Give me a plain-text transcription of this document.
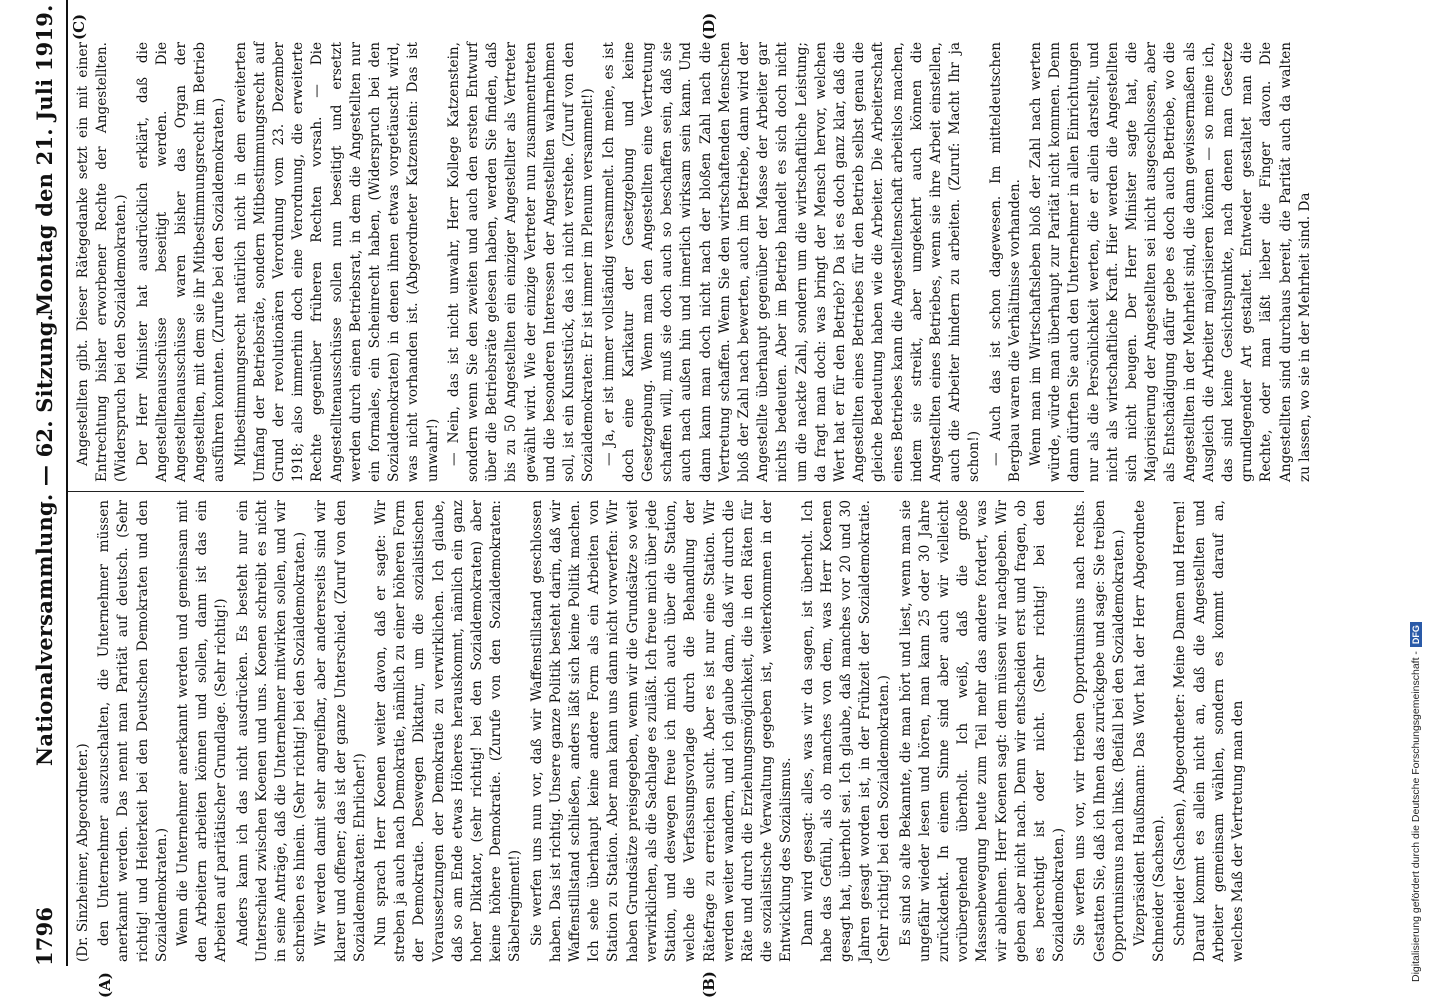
1796
Nationalversammlung. — 62. Sitzung.
Montag den 21. Juli 1919.
(A)	(B)
(C)	(D)

(Dr. Sinzheimer, Abgeordneter.) den Unternehmer auszuschalten, die Unternehmer müssen anerkannt werden. Das nennt man Parität auf deutsch. (Sehr richtig! und Heiterkeit bei den Deutschen Demokraten und den Sozialdemokraten.) Wenn die Unternehmer anerkannt werden und gemeinsam mit den Arbeitern arbeiten können und sollen, dann ist das ein Arbeiten auf paritätischer Grundlage. (Sehr richtig!) Anders kann ich das nicht ausdrücken. Es besteht nur ein Unterschied zwischen Koenen und uns. Koenen schreibt es nicht in seine Anträge, daß die Unternehmer mitwirken sollen, und wir schreiben es hinein. (Sehr richtig! bei den Sozialdemokraten.) Wir werden damit sehr angreifbar, aber andererseits sind wir klarer und offener; das ist der ganze Unterschied. (Zuruf von den Sozialdemokraten: Ehrlicher!) Nun sprach Herr Koenen weiter davon, daß er sagte: Wir streben ja auch nach Demokratie, nämlich zu einer höheren Form der Demokratie. Deswegen Diktatur, um die sozialistischen Voraussetzungen der Demokratie zu verwirklichen. Ich glaube, daß so am Ende etwas Höheres herauskommt, nämlich ein ganz hoher Diktator, (sehr richtig! bei den Sozialdemokraten) aber keine höhere Demokratie. (Zurufe von den Sozialdemokraten: Säbelregiment!) Sie werfen uns nun vor, daß wir Waffenstillstand geschlossen haben. Das ist richtig. Unsere ganze Politik besteht darin, daß wir Waffenstillstand schließen, anders läßt sich keine Politik machen. Ich sehe überhaupt keine andere Form als ein Arbeiten von Station zu Station. Aber man kann uns dann nicht vorwerfen: Wir haben Grundsätze preisgegeben, wenn wir die Grundsätze so weit verwirklichen, als die Sachlage es zuläßt. Ich freue mich über jede Station, und deswegen freue ich mich auch über die Station, welche die Verfassungsvorlage durch die Behandlung der Rätefrage zu erreichen sucht. Aber es ist nur eine Station. Wir werden weiter wandern, und ich glaube dann, daß wir durch die Räte und durch die Erziehungsmöglichkeit, die in den Räten für die sozialistische Verwaltung gegeben ist, weiterkommen in der Entwicklung des Sozialismus. Dann wird gesagt: alles, was wir da sagen, ist überholt. Ich habe das Gefühl, als ob manches von dem, was Herr Koenen gesagt hat, überholt sei. Ich glaube, daß manches vor 20 und 30 Jahren gesagt worden ist, in der Frühzeit der Sozialdemokratie. (Sehr richtig! bei den Sozialdemokraten.) Es sind so alte Bekannte, die man hört und liest, wenn man sie ungefähr wieder lesen und hören, man kann 25 oder 30 Jahre zurückdenkt. In einem Sinne sind aber auch wir vielleicht vorübergehend überholt. Ich weiß, daß die große Massenbewegung heute zum Teil mehr das andere fordert, was wir ablehnen. Herr Koenen sagt: dem müssen wir nachgeben. Wir geben aber nicht nach. Denn wir entscheiden erst und fragen, ob es berechtigt ist oder nicht. (Sehr richtig! bei den Sozialdemokraten.) Sie werfen uns vor, wir trieben Opportunismus nach rechts. Gestatten Sie, daß ich Ihnen das zurückgebe und sage: Sie treiben Opportunismus nach links. (Beifall bei den Sozialdemokraten.) Vizepräsident Haußmann: Das Wort hat der Herr Abgeordnete Schneider (Sachsen). Schneider (Sachsen), Abgeordneter: Meine Damen und Herren! Darauf kommt es allein nicht an, daß die Angestellten und Arbeiter gemeinsam wählen, sondern es kommt darauf an, welches Maß der Vertretung man den

Angestellten gibt. Dieser Rätegedanke setzt ein mit einer Entrechtung bisher erworbener Rechte der Angestellten. (Widerspruch bei den Sozialdemokraten.) Der Herr Minister hat ausdrücklich erklärt, daß die Angestelltenausschüsse beseitigt werden. Die Angestelltenausschüsse waren bisher das Organ der Angestellten, mit dem sie ihr Mitbestimmungsrecht im Betrieb ausführen konnten. (Zurufe bei den Sozialdemokraten.) Mitbestimmungsrecht natürlich nicht in dem erweiterten Umfang der Betriebsräte, sondern Mitbestimmungsrecht auf Grund der revolutionären Verordnung vom 23. Dezember 1918; also immerhin doch eine Verordnung, die erweiterte Rechte gegenüber früheren Rechten vorsah. — Die Angestelltenausschüsse sollen nun beseitigt und ersetzt werden durch einen Betriebsrat, in dem die Angestellten nur ein formales, ein Scheinrecht haben, (Widerspruch bei den Sozialdemokraten) in denen ihnen etwas vorgetäuscht wird, was nicht vorhanden ist. (Abgeordneter Katzenstein: Das ist unwahr!) — Nein, das ist nicht unwahr, Herr Kollege Katzenstein, sondern wenn Sie den zweiten und auch den ersten Entwurf über die Betriebsräte gelesen haben, werden Sie finden, daß bis zu 50 Angestellten ein einziger Angestellter als Vertreter gewählt wird. Wie der einzige Vertreter nun zusammentreten und die besonderen Interessen der Angestellten wahrnehmen soll, ist ein Kunststück, das ich nicht verstehe. (Zuruf von den Sozialdemokraten: Er ist immer im Plenum versammelt!) — Ja, er ist immer vollständig versammelt. Ich meine, es ist doch eine Karikatur der Gesetzgebung und keine Gesetzgebung. Wenn man den Angestellten eine Vertretung schaffen will, muß sie doch auch so beschaffen sein, daß sie auch nach außen hin und innerlich wirksam sein kann. Und dann kann man doch nicht nach der bloßen Zahl nach die Vertretung schaffen. Wenn Sie den wirtschaftenden Menschen bloß der Zahl nach bewerten, auch im Betriebe, dann wird der Angestellte überhaupt gegenüber der Masse der Arbeiter gar nichts bedeuten. Aber im Betrieb handelt es sich doch nicht um die nackte Zahl, sondern um die wirtschaftliche Leistung; da fragt man doch: was bringt der Mensch hervor, welchen Wert hat er für den Betrieb? Da ist es doch ganz klar, daß die Angestellten eines Betriebes für den Betrieb selbst genau die gleiche Bedeutung haben wie die Arbeiter. Die Arbeiterschaft eines Betriebes kann die Angestelltenschaft arbeitslos machen, indem sie streikt, aber umgekehrt auch können die Angestellten eines Betriebes, wenn sie ihre Arbeit einstellen, auch die Arbeiter hindern zu arbeiten. (Zuruf: Macht Ihr ja schon!) — Auch das ist schon dagewesen. Im mitteldeutschen Bergbau waren die Verhältnisse vorhanden. Wenn man im Wirtschaftsleben bloß der Zahl nach werten würde, würde man überhaupt zur Parität nicht kommen. Denn dann dürften Sie auch den Unternehmer in allen Einrichtungen nur als die Persönlichkeit werten, die er allein darstellt, und nicht als wirtschaftliche Kraft. Hier werden die Angestellten sich nicht beugen. Der Herr Minister sagte hat, die Majorisierung der Angestellten sei nicht ausgeschlossen, aber als Entschädigung dafür gebe es doch auch Betriebe, wo die Angestellten in der Mehrheit sind, die dann gewissermaßen als Ausgleich die Arbeiter majorisieren können — so meine ich, das sind keine Gesichtspunkte, nach denen man Gesetze grundlegender Art gestaltet. Entweder gestaltet man die Rechte, oder man läßt lieber die Finger davon. Die Angestellten sind durchaus bereit, die Parität auch da walten zu lassen, wo sie in der Mehrheit sind. Da

Digitalisierung gefördert durch die Deutsche Forschungsgemeinschaft -DFG
